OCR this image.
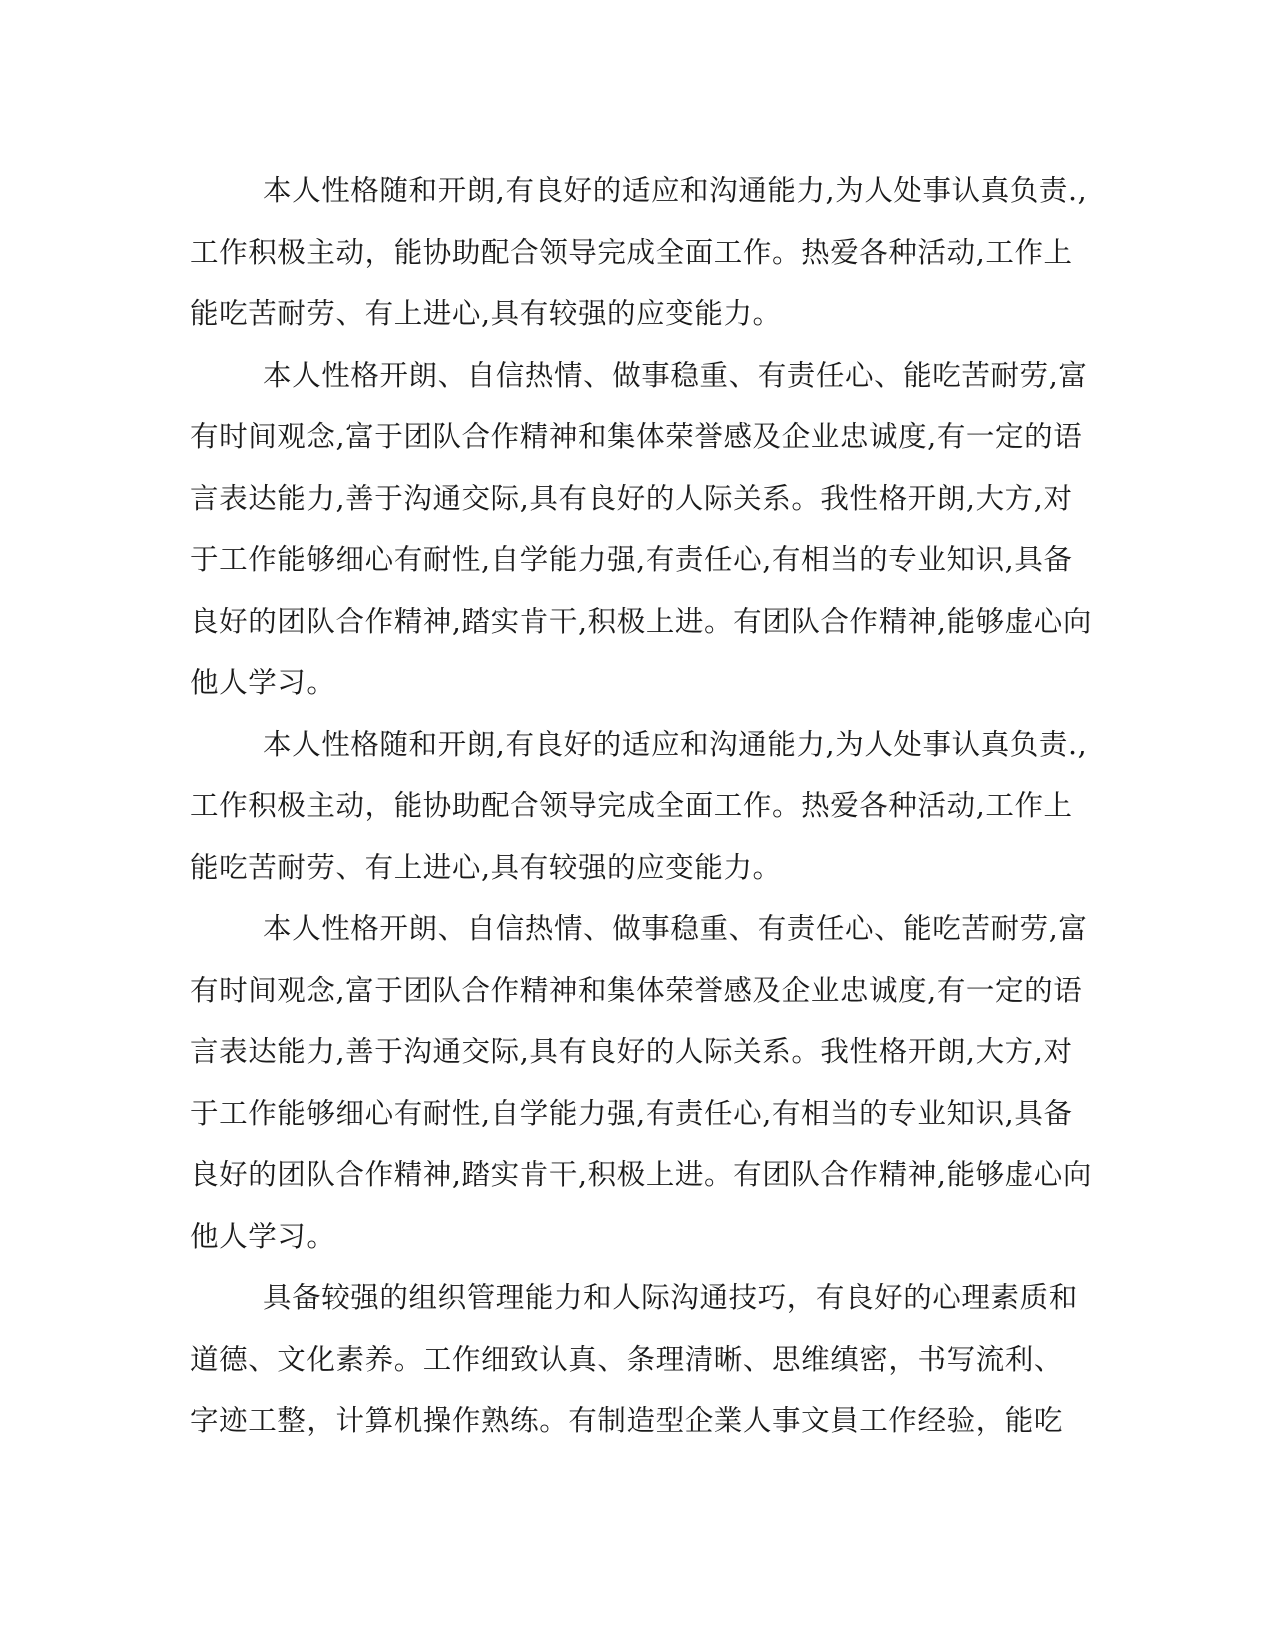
本人性格随和开朗,有良好的适应和沟通能力,为人处事认真负责.,
工作积极主动，能协助配合领导完成全面工作。热爱各种活动,工作上
能吃苦耐劳、有上进心,具有较强的应变能力。

本人性格开朗、自信热情、做事稳重、有责任心、能吃苦耐劳,富
有时间观念,富于团队合作精神和集体荣誉感及企业忠诚度,有一定的语
言表达能力,善于沟通交际,具有良好的人际关系。我性格开朗,大方,对
于工作能够细心有耐性,自学能力强,有责任心,有相当的专业知识,具备
良好的团队合作精神,踏实肯干,积极上进。有团队合作精神,能够虚心向
他人学习。

本人性格随和开朗,有良好的适应和沟通能力,为人处事认真负责.,
工作积极主动，能协助配合领导完成全面工作。热爱各种活动,工作上
能吃苦耐劳、有上进心,具有较强的应变能力。

本人性格开朗、自信热情、做事稳重、有责任心、能吃苦耐劳,富
有时间观念,富于团队合作精神和集体荣誉感及企业忠诚度,有一定的语
言表达能力,善于沟通交际,具有良好的人际关系。我性格开朗,大方,对
于工作能够细心有耐性,自学能力强,有责任心,有相当的专业知识,具备
良好的团队合作精神,踏实肯干,积极上进。有团队合作精神,能够虚心向
他人学习。

具备较强的组织管理能力和人际沟通技巧，有良好的心理素质和
道德、文化素养。工作细致认真、条理清晰、思维缜密，书写流利、
字迹工整，计算机操作熟练。有制造型企業人事文員工作经验，能吃
